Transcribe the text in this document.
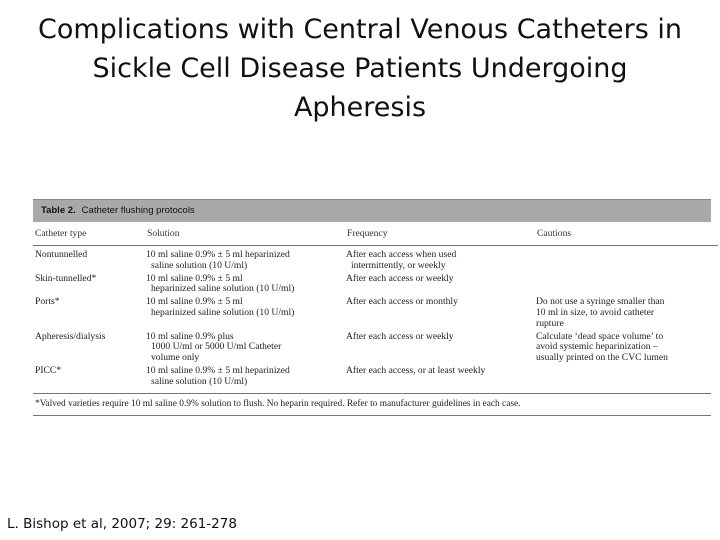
Complications with Central Venous Catheters in
Sickle Cell Disease Patients Undergoing
Apheresis
Table 2. Catheter flushing protocols
Catheter type	Solution	Frequency	Cautions
Nontunnelled	10 ml saline 0.9% ± 5 ml heparinized
saline solution (10 U/ml)	After each access when used
intermittently, or weekly	

Skin-tunnelled*	10 ml saline 0.9% ± 5 ml
heparinized saline solution (10 U/ml)	After each access or weekly	

Ports*	10 ml saline 0.9% ± 5 ml
heparinized saline solution (10 U/ml)	After each access or monthly	Do not use a syringe smaller than
10 ml in size, to avoid catheter
rupture

Apheresis/dialysis	10 ml saline 0.9% plus
1000 U/ml or 5000 U/ml Catheter
volume only	After each access or weekly	Calculate ‘dead space volume’ to
avoid systemic heparinization –
usually printed on the CVC lumen

PICC*	10 ml saline 0.9% ± 5 ml heparinized
saline solution (10 U/ml)	After each access, or at least weekly	

*Valved varieties require 10 ml saline 0.9% solution to flush. No heparin required. Refer to manufacturer guidelines in each case.
L. Bishop et al, 2007; 29: 261-278
